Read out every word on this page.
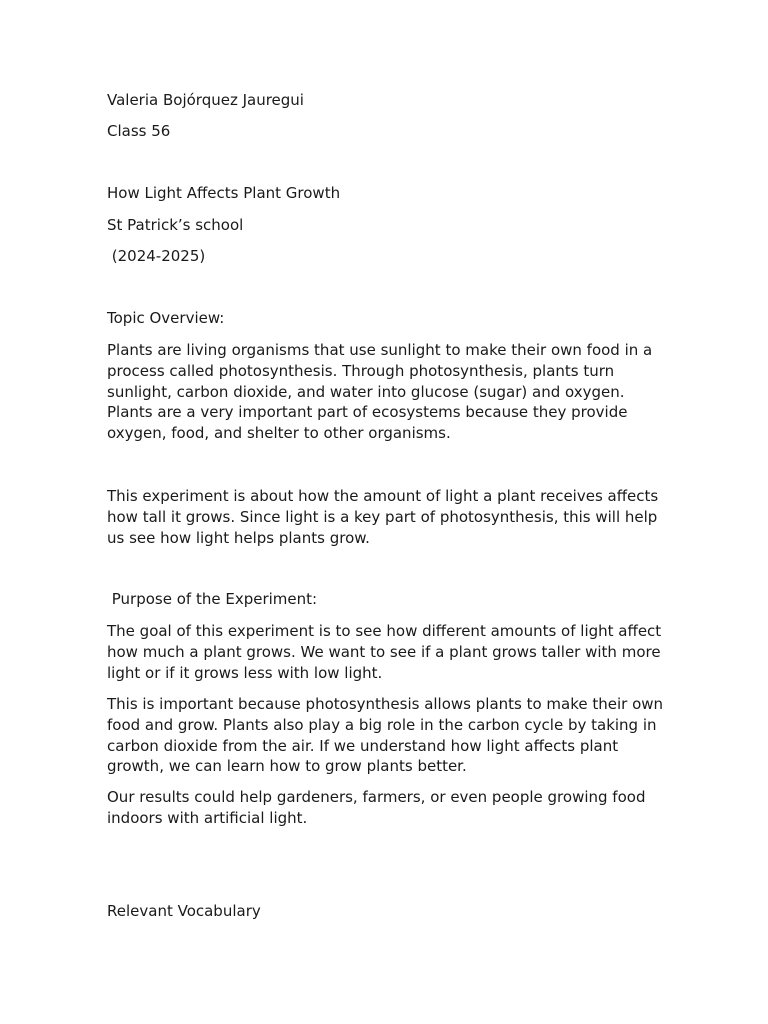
Valeria Bojórquez Jauregui

Class 56

How Light Affects Plant Growth

St Patrick’s school

(2024-2025)

Topic Overview:

Plants are living organisms that use sunlight to make their own food in a process called photosynthesis. Through photosynthesis, plants turn sunlight, carbon dioxide, and water into glucose (sugar) and oxygen. Plants are a very important part of ecosystems because they provide oxygen, food, and shelter to other organisms.

This experiment is about how the amount of light a plant receives affects how tall it grows. Since light is a key part of photosynthesis, this will help us see how light helps plants grow.

Purpose of the Experiment:

The goal of this experiment is to see how different amounts of light affect how much a plant grows. We want to see if a plant grows taller with more light or if it grows less with low light.

This is important because photosynthesis allows plants to make their own food and grow. Plants also play a big role in the carbon cycle by taking in carbon dioxide from the air. If we understand how light affects plant growth, we can learn how to grow plants better.

Our results could help gardeners, farmers, or even people growing food indoors with artificial light.

Relevant Vocabulary
